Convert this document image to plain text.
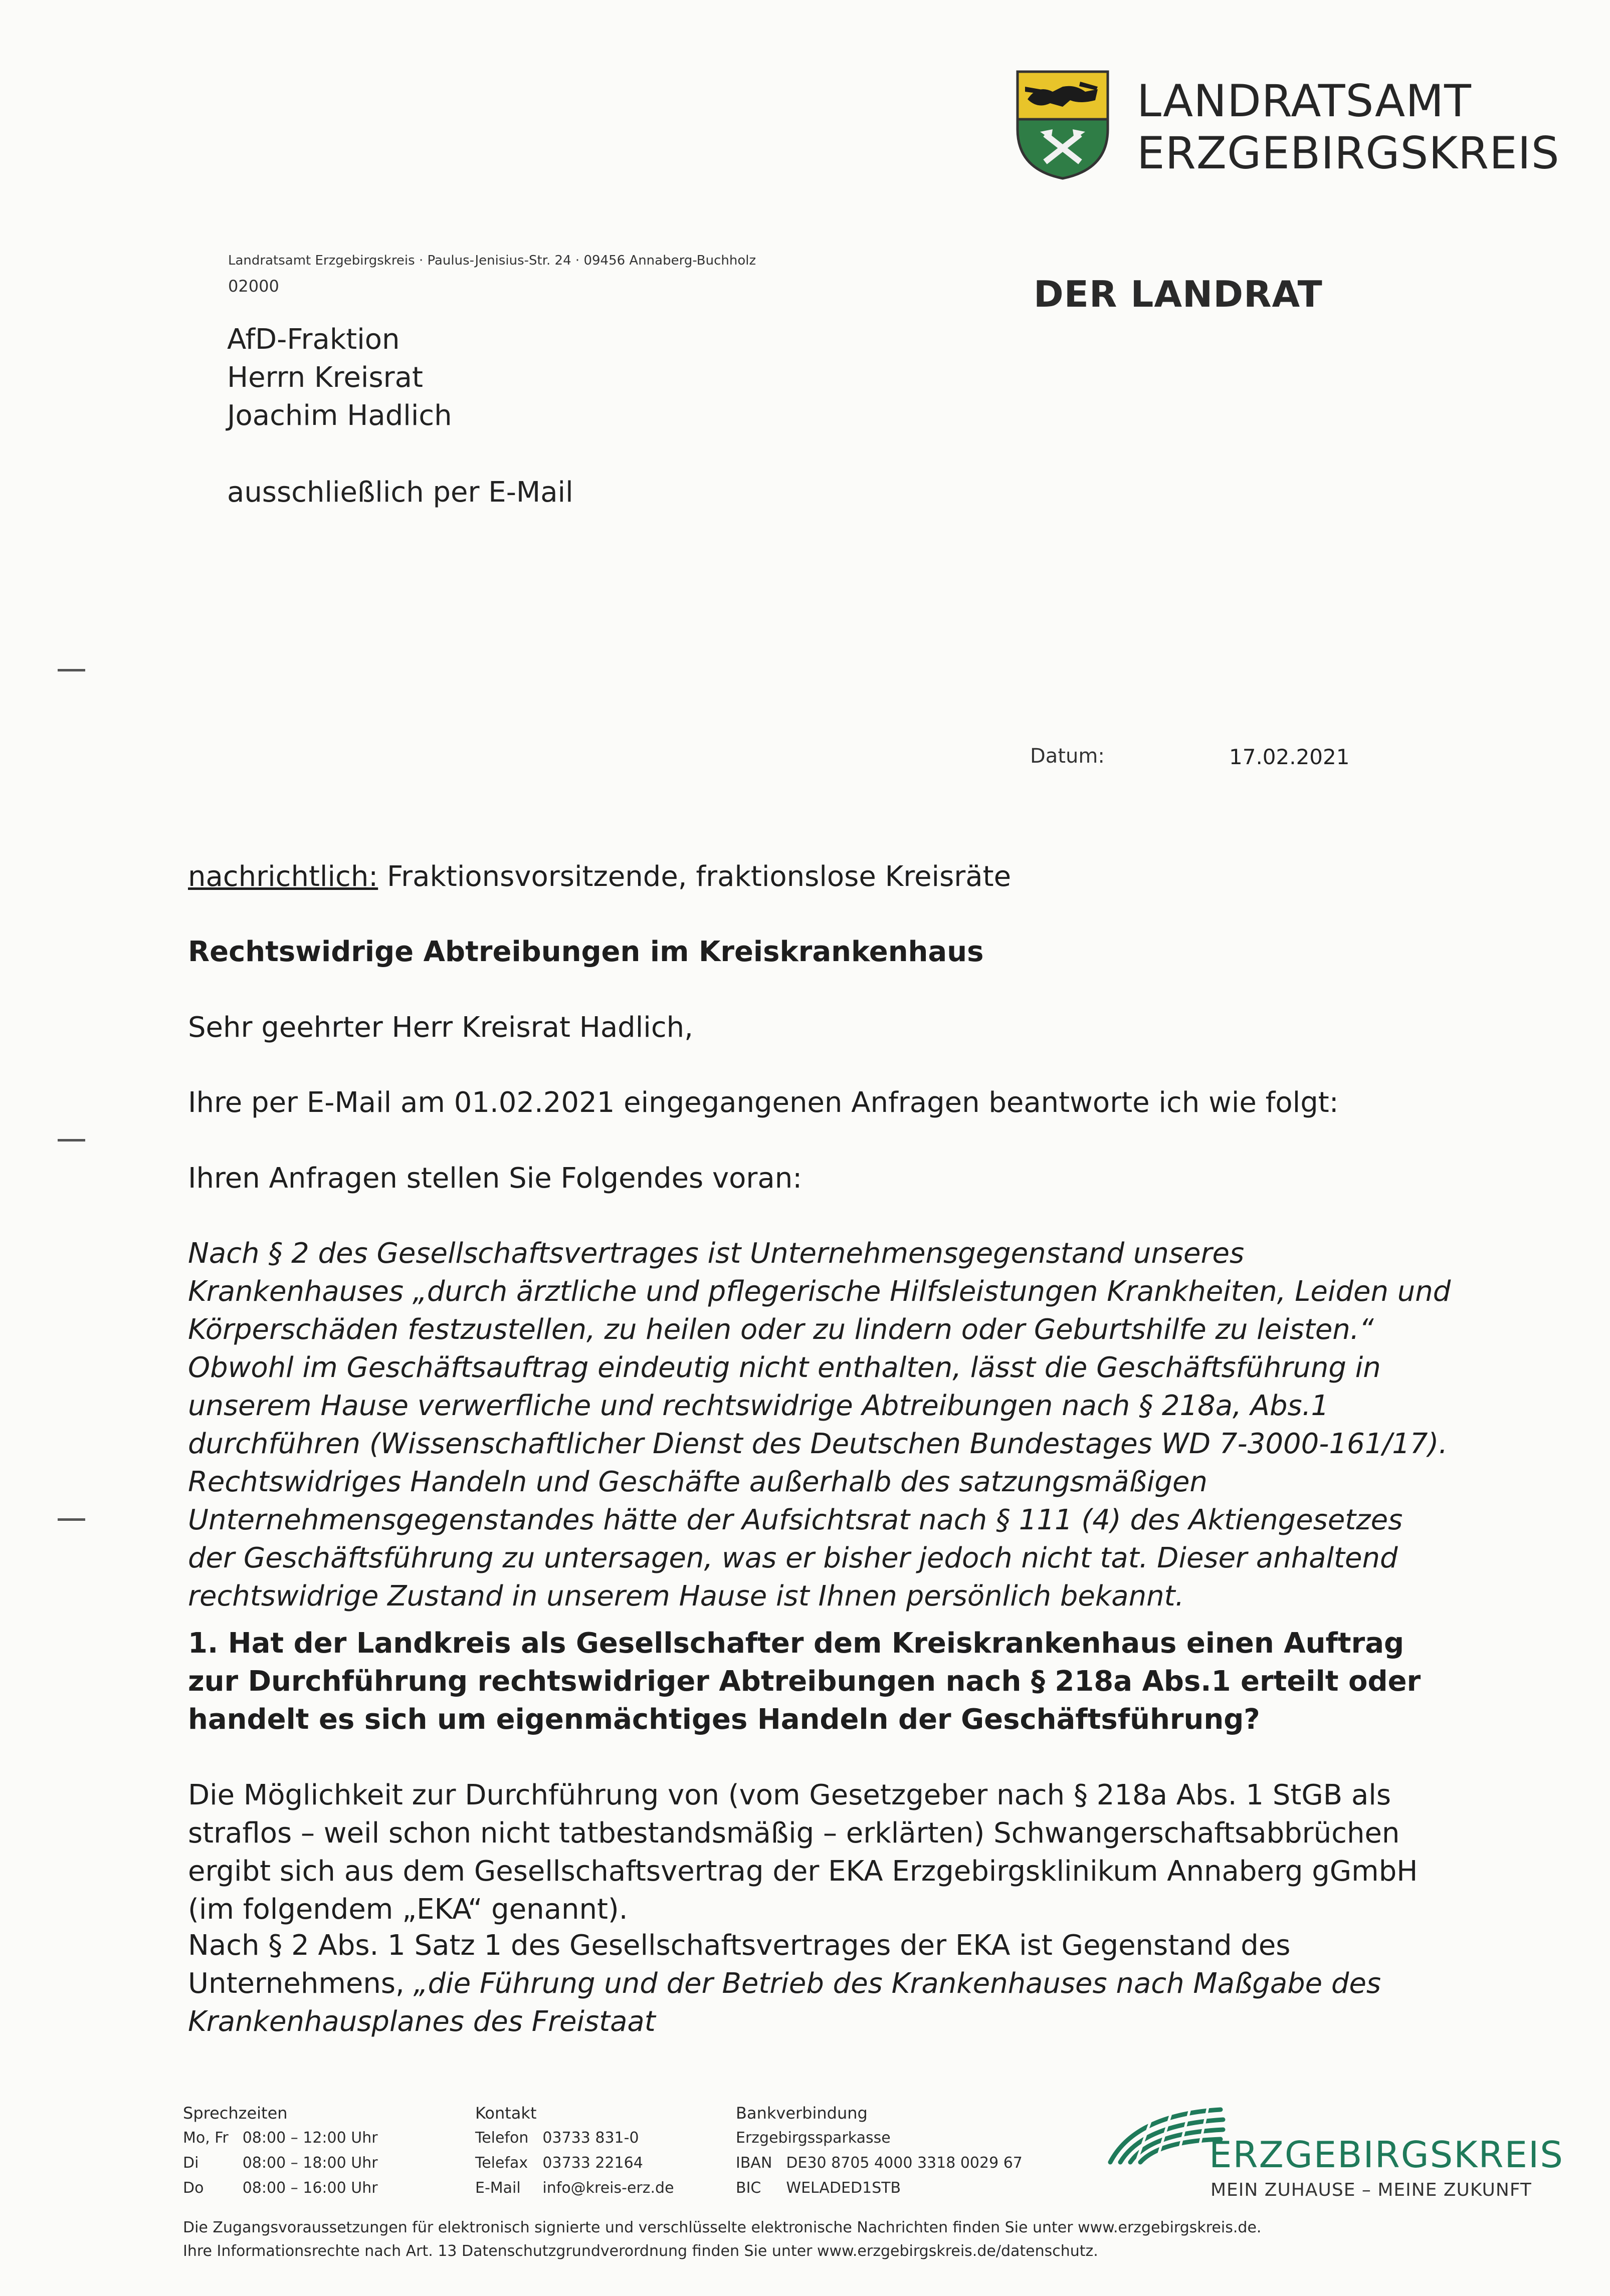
LANDRATSAMT
ERZGEBIRGSKREIS
DER LANDRAT
Landratsamt Erzgebirgskreis · Paulus-Jenisius-Str. 24 · 09456 Annaberg-Buchholz
02000
AfD-Fraktion
Herrn Kreisrat
Joachim Hadlich
ausschließlich per E-Mail
Datum:	17.02.2021

nachrichtlich: Fraktionsvorsitzende, fraktionslose Kreisräte

Rechtswidrige Abtreibungen im Kreiskrankenhaus

Sehr geehrter Herr Kreisrat Hadlich,

Ihre per E-Mail am 01.02.2021 eingegangenen Anfragen beantworte ich wie folgt:

Ihren Anfragen stellen Sie Folgendes voran:

Nach § 2 des Gesellschaftsvertrages ist Unternehmensgegenstand unseres Krankenhauses „durch ärztliche und pflegerische Hilfsleistungen Krankheiten, Leiden und Körperschäden festzustellen, zu heilen oder zu lindern oder Geburtshilfe zu leisten.“

Obwohl im Geschäftsauftrag eindeutig nicht enthalten, lässt die Geschäftsführung in unserem Hause verwerfliche und rechtswidrige Abtreibungen nach § 218a, Abs.1 durchführen (Wissenschaftlicher Dienst des Deutschen Bundestages WD 7-3000-161/17). Rechtswidriges Handeln und Geschäfte außerhalb des satzungsmäßigen Unternehmensgegenstandes hätte der Aufsichtsrat nach § 111 (4) des Aktiengesetzes der Geschäftsführung zu untersagen, was er bisher jedoch nicht tat. Dieser anhaltend rechtswidrige Zustand in unserem Hause ist Ihnen persönlich bekannt.

1. Hat der Landkreis als Gesellschafter dem Kreiskrankenhaus einen Auftrag zur Durchführung rechtswidriger Abtreibungen nach § 218a Abs.1 erteilt oder handelt es sich um eigenmächtiges Handeln der Geschäftsführung?

Die Möglichkeit zur Durchführung von (vom Gesetzgeber nach § 218a Abs. 1 StGB als straflos – weil schon nicht tatbestandsmäßig – erklärten) Schwangerschaftsabbrüchen ergibt sich aus dem Gesellschaftsvertrag der EKA Erzgebirgsklinikum Annaberg gGmbH (im folgendem „EKA“ genannt).

Nach § 2 Abs. 1 Satz 1 des Gesellschaftsvertrages der EKA ist Gegenstand des Unternehmens, „die Führung und der Betrieb des Krankenhauses nach Maßgabe des Krankenhausplanes des Freistaat

Sprechzeiten
Mo, Fr	08:00 – 12:00 Uhr
Di	08:00 – 18:00 Uhr
Do	08:00 – 16:00 Uhr
Kontakt
Telefon	03733 831-0
Telefax	03733 22164
E-Mail	info@kreis-erz.de
Bankverbindung
Erzgebirgssparkasse
IBAN	DE30 8705 4000 3318 0029 67
BIC	WELADED1STB
ERZGEBIRGSKREIS
MEIN ZUHAUSE – MEINE ZUKUNFT
Die Zugangsvoraussetzungen für elektronisch signierte und verschlüsselte elektronische Nachrichten finden Sie unter www.erzgebirgskreis.de.
Ihre Informationsrechte nach Art. 13 Datenschutzgrundverordnung finden Sie unter www.erzgebirgskreis.de/datenschutz.
